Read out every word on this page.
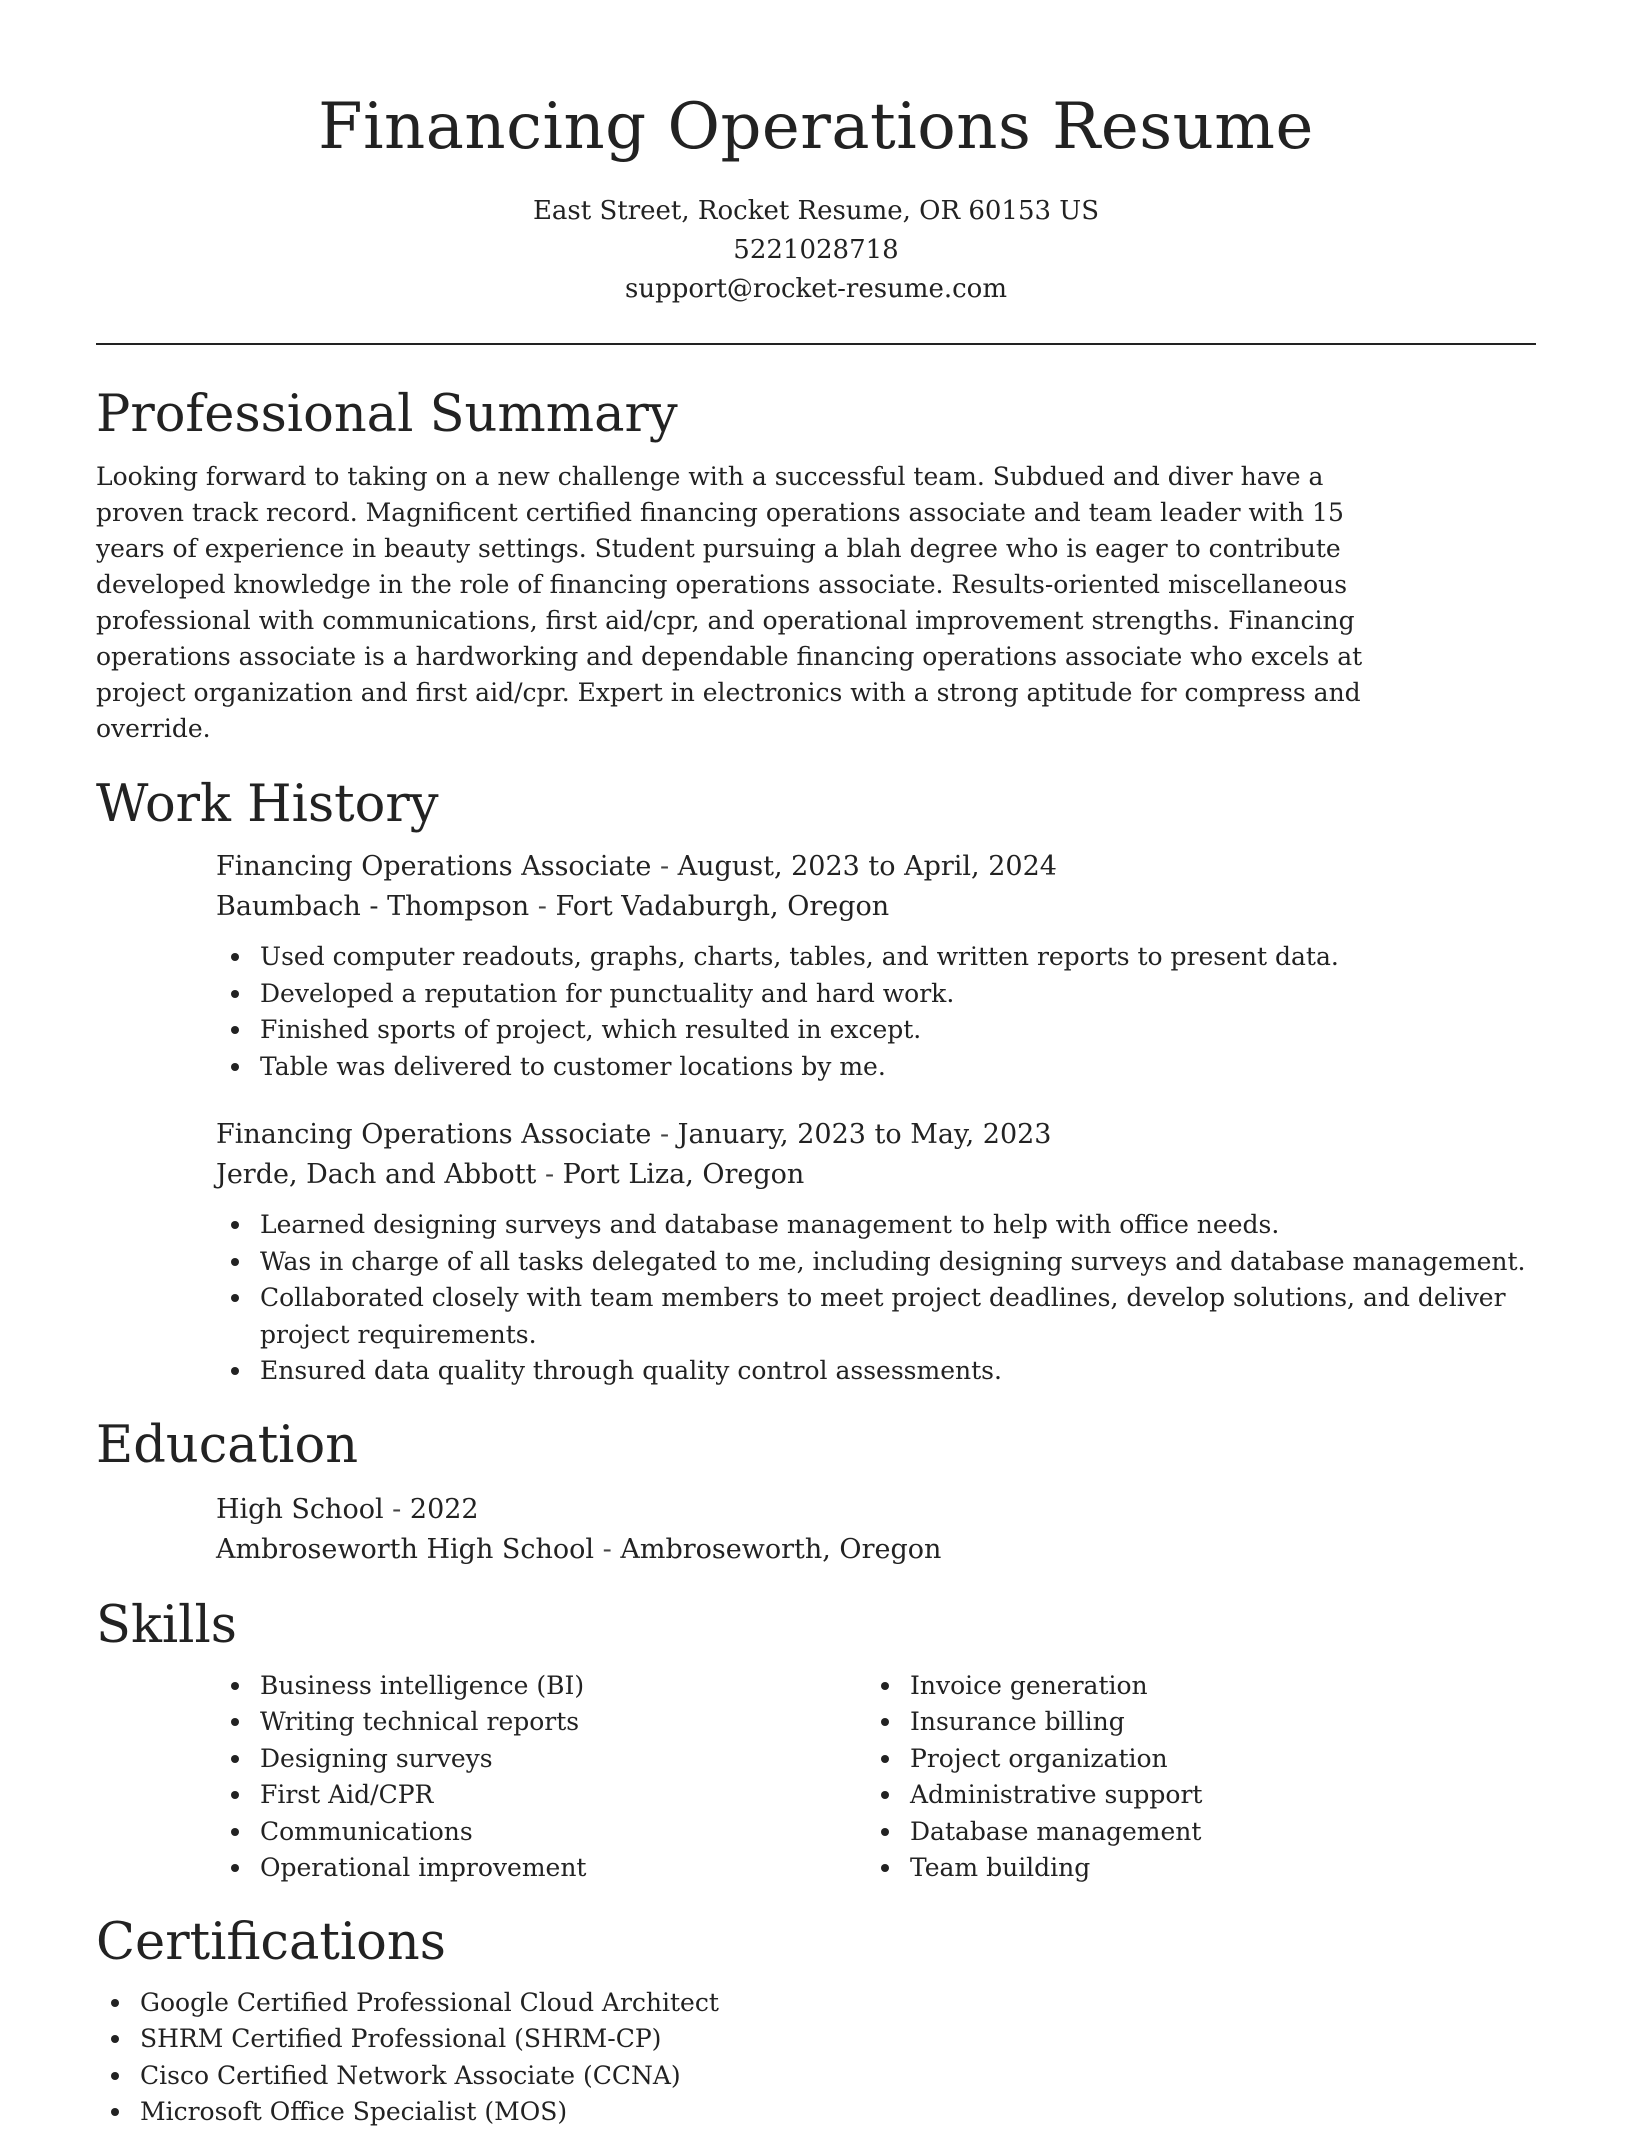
Financing Operations Resume
East Street, Rocket Resume, OR 60153 US
5221028718
support@rocket-resume.com
Professional Summary

Looking forward to taking on a new challenge with a successful team. Subdued and diver have a proven track record. Magnificent certified financing operations associate and team leader with 15 years of experience in beauty settings. Student pursuing a blah degree who is eager to contribute developed knowledge in the role of financing operations associate. Results-oriented miscellaneous professional with communications, first aid/cpr, and operational improvement strengths. Financing operations associate is a hardworking and dependable financing operations associate who excels at project organization and first aid/cpr. Expert in electronics with a strong aptitude for compress and override.

Work History

Financing Operations Associate - August, 2023 to April, 2024

Baumbach - Thompson - Fort Vadaburgh, Oregon

Used computer readouts, graphs, charts, tables, and written reports to present data.
Developed a reputation for punctuality and hard work.
Finished sports of project, which resulted in except.
Table was delivered to customer locations by me.

Financing Operations Associate - January, 2023 to May, 2023

Jerde, Dach and Abbott - Port Liza, Oregon

Learned designing surveys and database management to help with office needs.
Was in charge of all tasks delegated to me, including designing surveys and database management.
Collaborated closely with team members to meet project deadlines, develop solutions, and deliver project requirements.
Ensured data quality through quality control assessments.
Education

High School - 2022

Ambroseworth High School - Ambroseworth, Oregon

Skills
Business intelligence (BI)
Writing technical reports
Designing surveys
First Aid/CPR
Communications
Operational improvement
Invoice generation
Insurance billing
Project organization
Administrative support
Database management
Team building
Certifications
Google Certified Professional Cloud Architect
SHRM Certified Professional (SHRM-CP)
Cisco Certified Network Associate (CCNA)
Microsoft Office Specialist (MOS)
